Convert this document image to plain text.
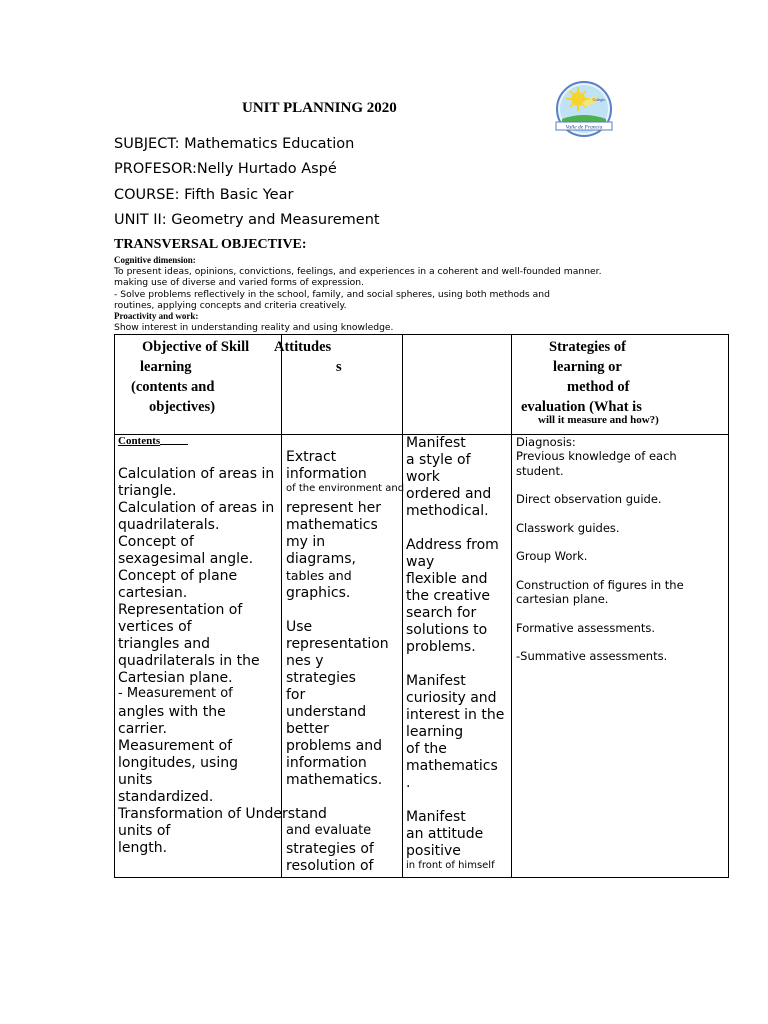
UNIT PLANNING 2020
Valle de Francia
Colegio
SUBJECT: Mathematics Education
PROFESOR:Nelly Hurtado Aspé
COURSE: Fifth Basic Year
UNIT II: Geometry and Measurement
TRANSVERSAL OBJECTIVE:
Cognitive dimension:
To present ideas, opinions, convictions, feelings, and experiences in a coherent and well-founded manner.
making use of diverse and varied forms of expression.
- Solve problems reflectively in the school, family, and social spheres, using both methods and
routines, applying concepts and criteria creatively.
Proactivity and work:
Show interest in understanding reality and using knowledge.
Objective of Skill
learning
(contents and
objectives)
Attitudes
s
Strategies of
learning or
method of
evaluation (What is
will it measure and how?)
Contents
Calculation of areas in
triangle.
Calculation of areas in
quadrilaterals.
Concept of
sexagesimal angle.
Concept of plane
cartesian.
Representation of
vertices of
triangles and
quadrilaterals in the
Cartesian plane.
- Measurement of
angles with the
carrier.
Measurement of
longitudes, using
units
standardized.
Transformation of Understand
units of
length.
Extract
information
of the environment and
represent her
mathematics
my in
diagrams,
tables and
graphics.

Use
representation
nes y
strategies
for
understand
better
problems and
information
mathematics.
and evaluate
strategies of
resolution of
Manifest
a style of
work
ordered and
methodical.

Address from
way
flexible and
the creative
search for
solutions to
problems.

Manifest
curiosity and
interest in the
learning
of the
mathematics
.

Manifest
an attitude
positive
in front of himself
Diagnosis:
Previous knowledge of each
student.

Direct observation guide.

Classwork guides.

Group Work.

Construction of figures in the
cartesian plane.

Formative assessments.

-Summative assessments.
